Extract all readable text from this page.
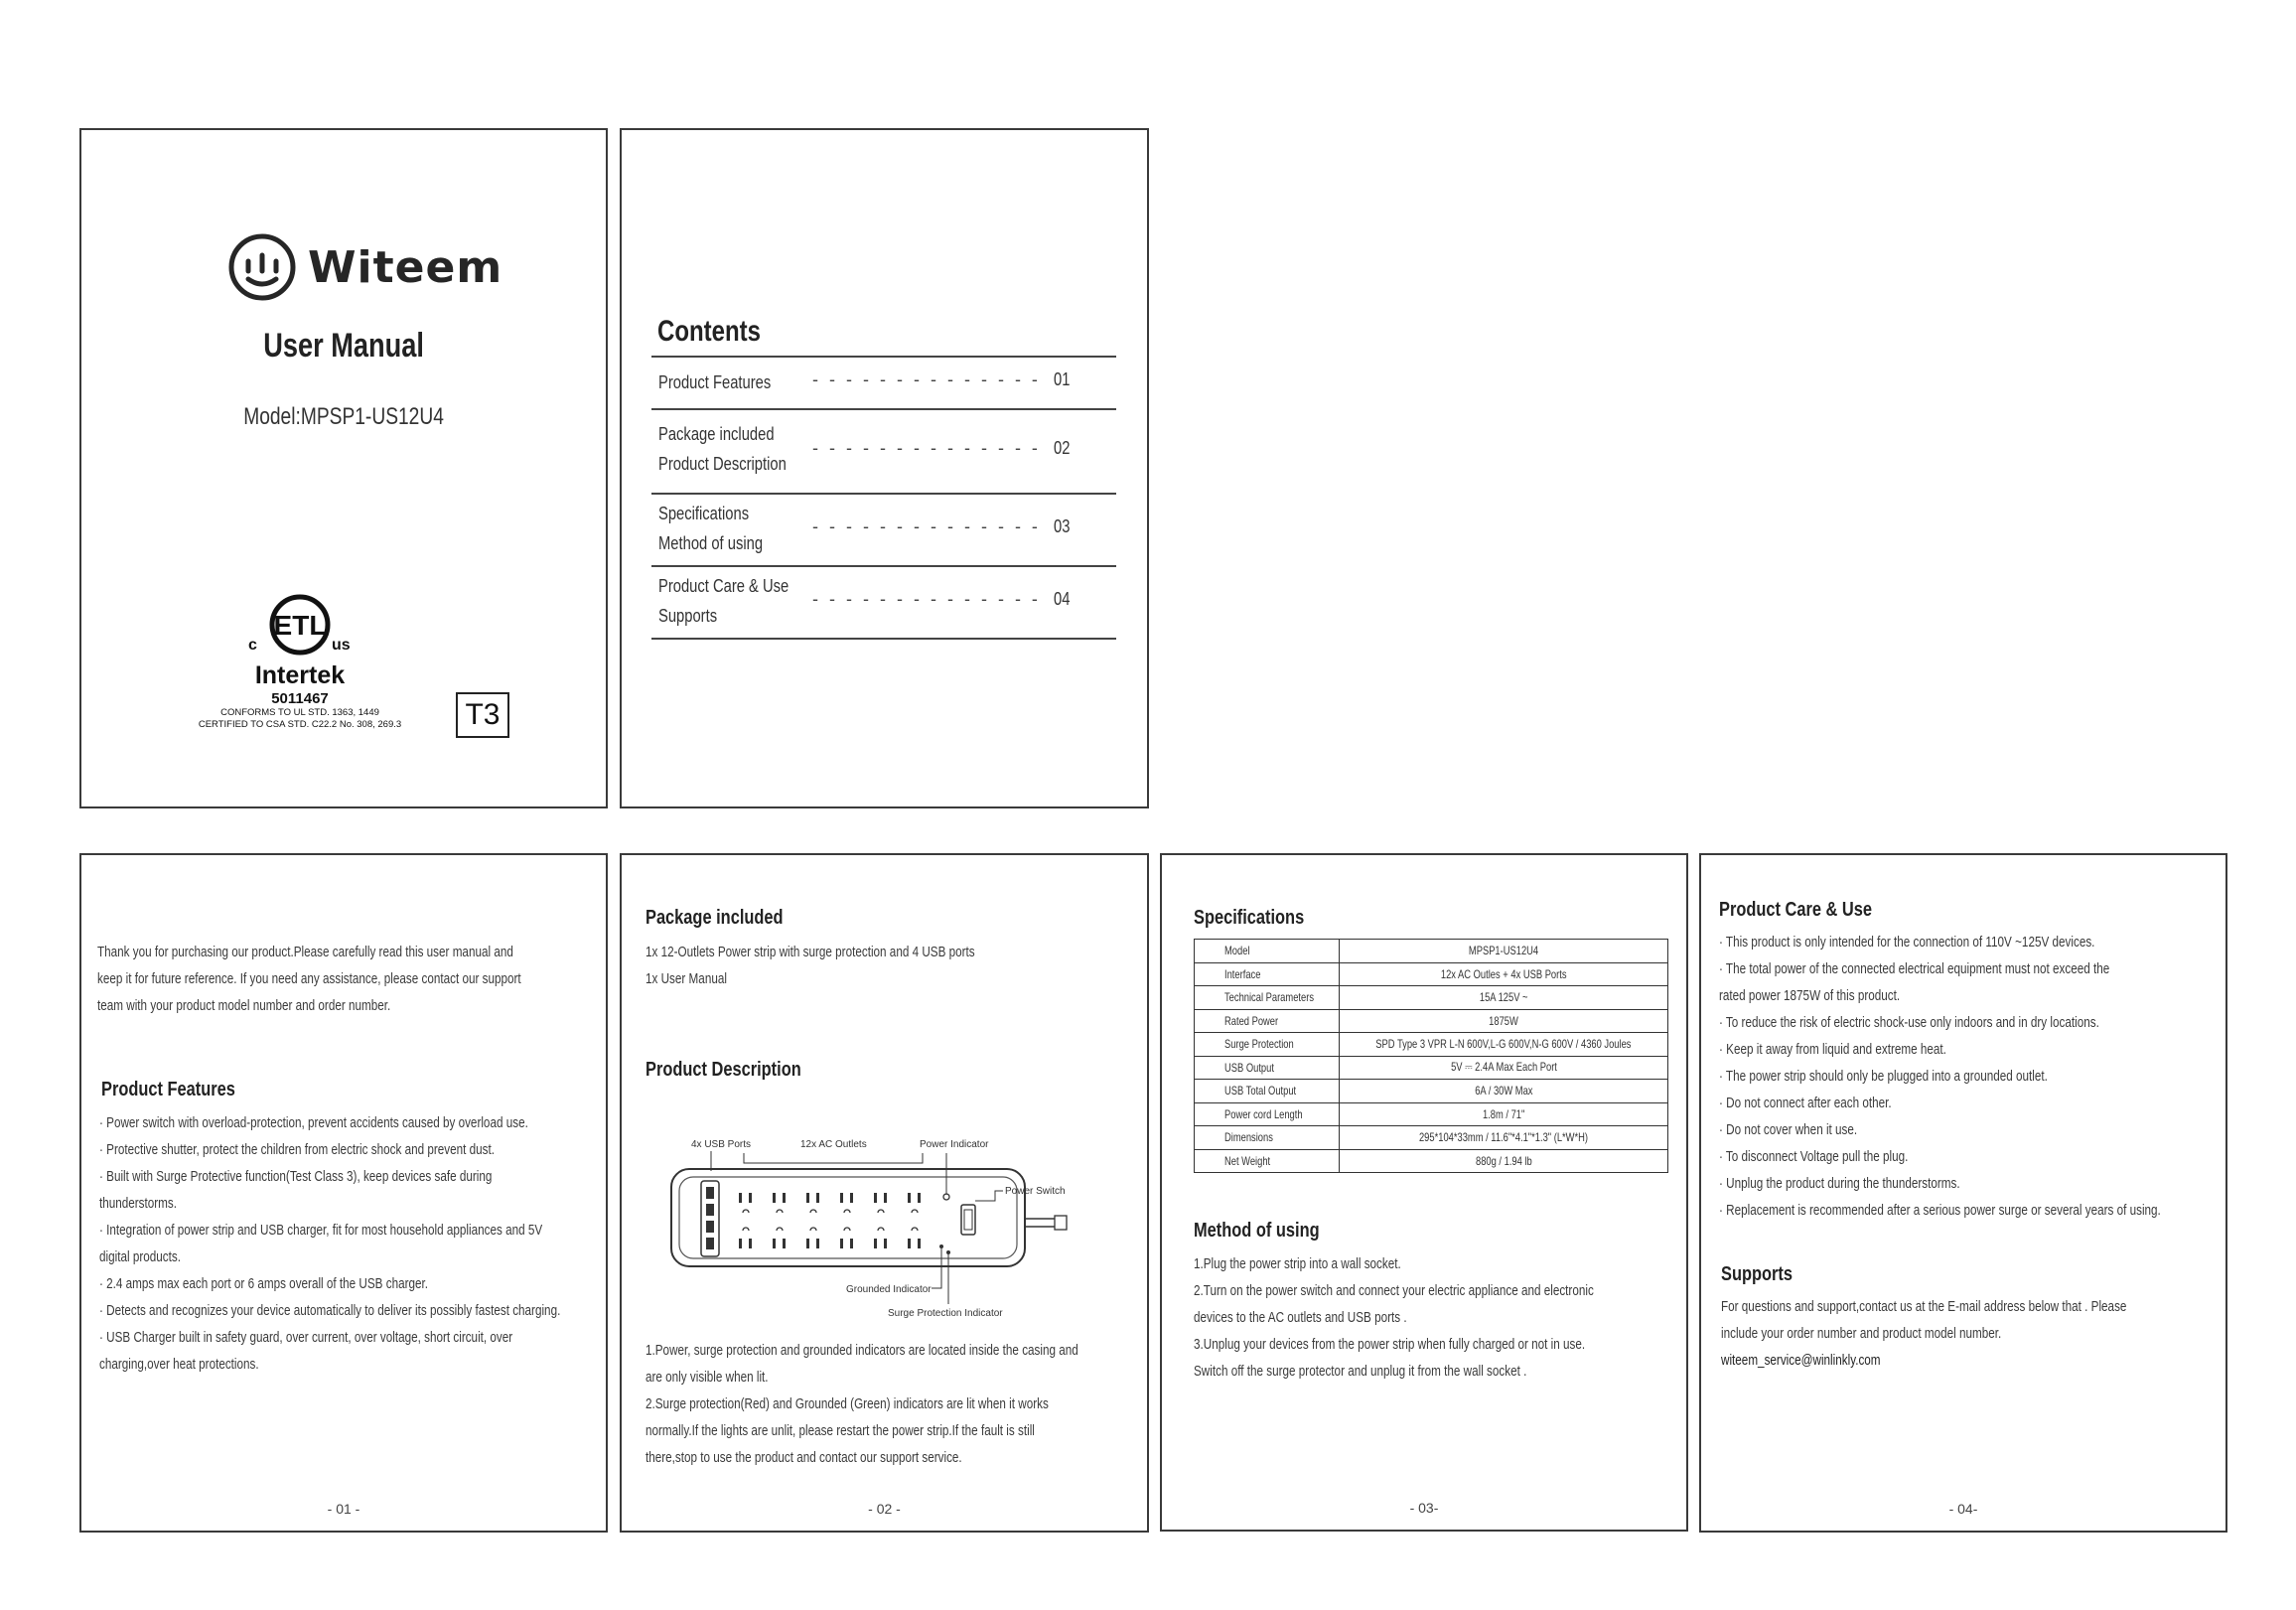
Witeem
User Manual
Model:MPSP1-US12U4
ETL
c	us
Intertek
5011467
CONFORMS TO UL STD. 1363, 1449
CERTIFIED TO CSA STD. C22.2 No. 308, 269.3	T3
Contents
Product Features - - - - - - - - - - - - - - 01
Package included
Product Description
- - - - - - - - - - - - - - 02
Specifications
Method of using
- - - - - - - - - - - - - - 03
Product Care & Use
Supports
- - - - - - - - - - - - - - 04
Thank you for purchasing our product.Please carefully read this user manual and
keep it for future reference. If you need any assistance, please contact our support
team with your product model number and order number.
Product Features
· Power switch with overload-protection, prevent accidents caused by overload use.
· Protective shutter, protect the children from electric shock and prevent dust.
· Built with Surge Protective function(Test Class 3), keep devices safe during
thunderstorms.
· Integration of power strip and USB charger, fit for most household appliances and 5V
digital products.
· 2.4 amps max each port or 6 amps overall of the USB charger.
· Detects and recognizes your device automatically to deliver its possibly fastest charging.
· USB Charger built in safety guard, over current, over voltage, short circuit, over
charging,over heat protections.
- 01 -
Package included
1x 12-Outlets Power strip with surge protection and 4 USB ports
1x User Manual
Product Description
4x USB Ports	12x AC Outlets	Power Indicator
Power Switch
Grounded Indicator
Surge Protection Indicator
1.Power, surge protection and grounded indicators are located inside the casing and
are only visible when lit.
2.Surge protection(Red) and Grounded (Green) indicators are lit when it works
normally.If the lights are unlit, please restart the power strip.If the fault is still
there,stop to use the product and contact our support service.
- 02 -
Specifications
Model	MPSP1-US12U4
Interface	12x AC Outles + 4x USB Ports
Technical Parameters	15A 125V ~
Rated Power	1875W
Surge Protection	SPD Type 3 VPR L-N 600V,L-G 600V,N-G 600V / 4360 Joules
USB Output	5V ⎓ 2.4A Max Each Port
USB Total Output	6A / 30W Max
Power cord Length	1.8m / 71"
Dimensions	295*104*33mm / 11.6"*4.1"*1.3" (L*W*H)
Net Weight	880g / 1.94 lb
Method of using
1.Plug the power strip into a wall socket.
2.Turn on the power switch and connect your electric appliance and electronic
devices to the AC outlets and USB ports .
3.Unplug your devices from the power strip when fully charged or not in use.
Switch off the surge protector and unplug it from the wall socket .
- 03-
Product Care & Use
· This product is only intended for the connection of 110V ~125V devices.
· The total power of the connected electrical equipment must not exceed the
rated power 1875W of this product.
· To reduce the risk of electric shock-use only indoors and in dry locations.
· Keep it away from liquid and extreme heat.
· The power strip should only be plugged into a grounded outlet.
· Do not connect after each other.
· Do not cover when it use.
· To disconnect Voltage pull the plug.
· Unplug the product during the thunderstorms.
· Replacement is recommended after a serious power surge or several years of using.
Supports
For questions and support,contact us at the E-mail address below that . Please
include your order number and product model number.
witeem_service@winlinkly.com
- 04-
